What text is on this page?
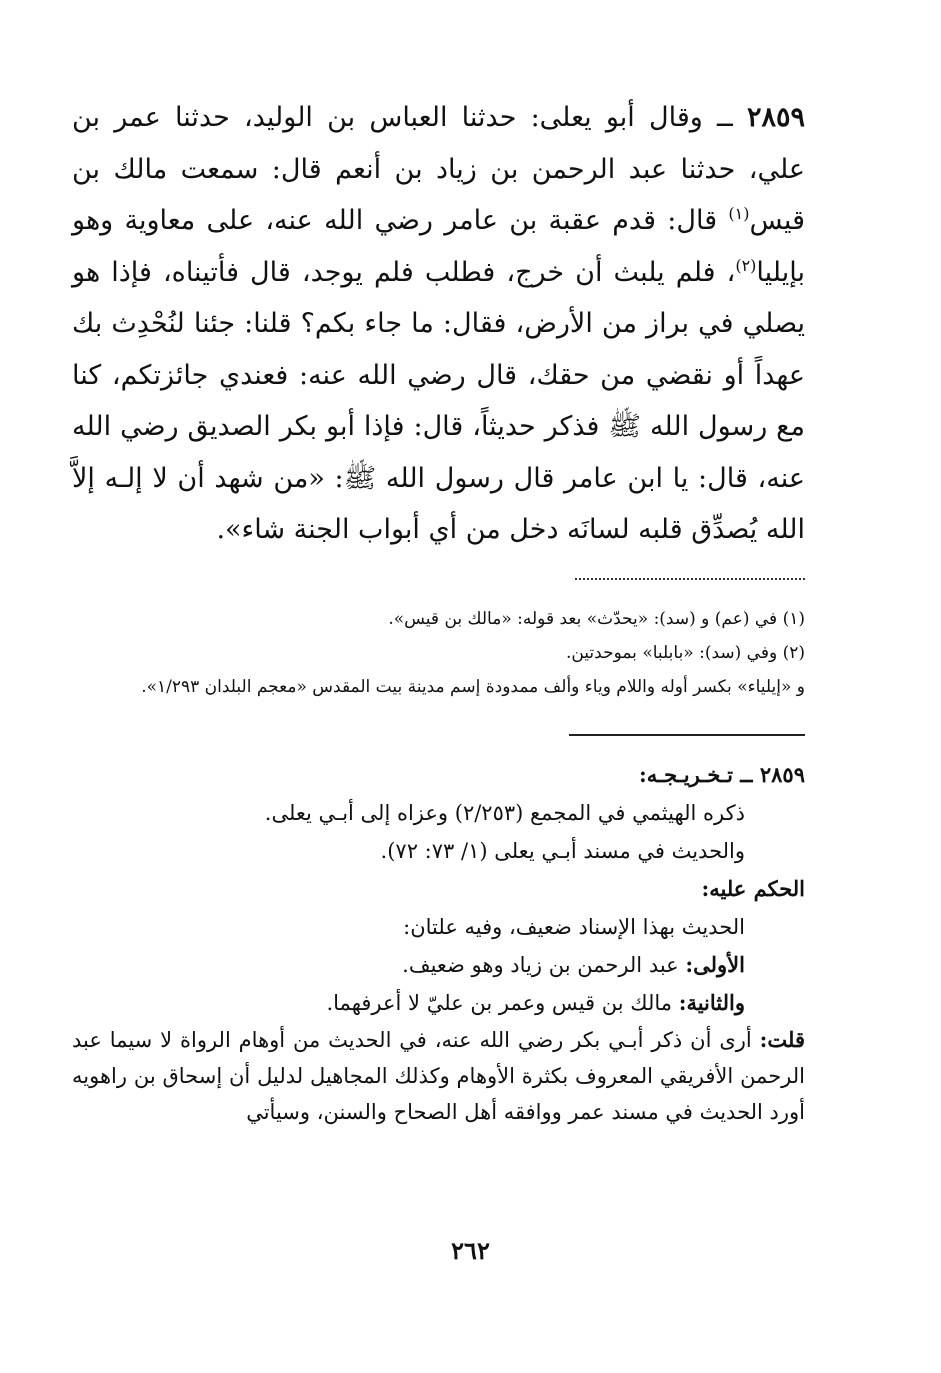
٢٨٥٩ ــ وقال أبو يعلى: حدثنا العباس بن الوليد، حدثنا عمر بن علي، حدثنا عبد الرحمن بن زياد بن أنعم قال: سمعت مالك بن قيس$^{(١)}$ قال: قدم عقبة بن عامر رضي الله عنه، على معاوية وهو بإيليا$^{(٢)}$، فلم يلبث أن خرج، فطلب فلم يوجد، قال فأتيناه، فإذا هو يصلي في براز من الأرض، فقال: ما جاء بكم؟ قلنا: جئنا لنُحْدِث بك عهداً أو نقضي من حقك، قال رضي الله عنه: فعندي جائزتكم، كنا مع رسول الله ﷺ فذكر حديثاً، قال: فإذا أبو بكر الصديق رضي الله عنه، قال: يا ابن عامر قال رسول الله ﷺ: «من شهد أن لا إلـه إلاَّ الله يُصدِّق قلبه لسانَه دخل من أي أبواب الجنة شاء».

(١) في (عم) و (سد): «يحدّث» بعد قوله: «مالك بن قيس».

(٢) وفي (سد): «بابلبا» بموحدتين.

و «إيلياء» بكسر أوله واللام وياء وألف ممدودة إسم مدينة بيت المقدس «معجم البلدان ١/٢٩٣».

٢٨٥٩ ــ تـخـريـجـه:

ذكره الهيثمي في المجمع (٢/٢٥٣) وعزاه إلى أبـي يعلى.

والحديث في مسند أبـي يعلى (١/ ٧٣: ٧٢).

الحكم عليه:

الحديث بهذا الإسناد ضعيف، وفيه علتان:

الأولى: عبد الرحمن بن زياد وهو ضعيف.

والثانية: مالك بن قيس وعمر بن عليّ لا أعرفهما.

قلت: أرى أن ذكر أبـي بكر رضي الله عنه، في الحديث من أوهام الرواة لا سيما عبد الرحمن الأفريقي المعروف بكثرة الأوهام وكذلك المجاهيل لدليل أن إسحاق بن راهويه أورد الحديث في مسند عمر ووافقه أهل الصحاح والسنن، وسيأتي

٢٦٢
